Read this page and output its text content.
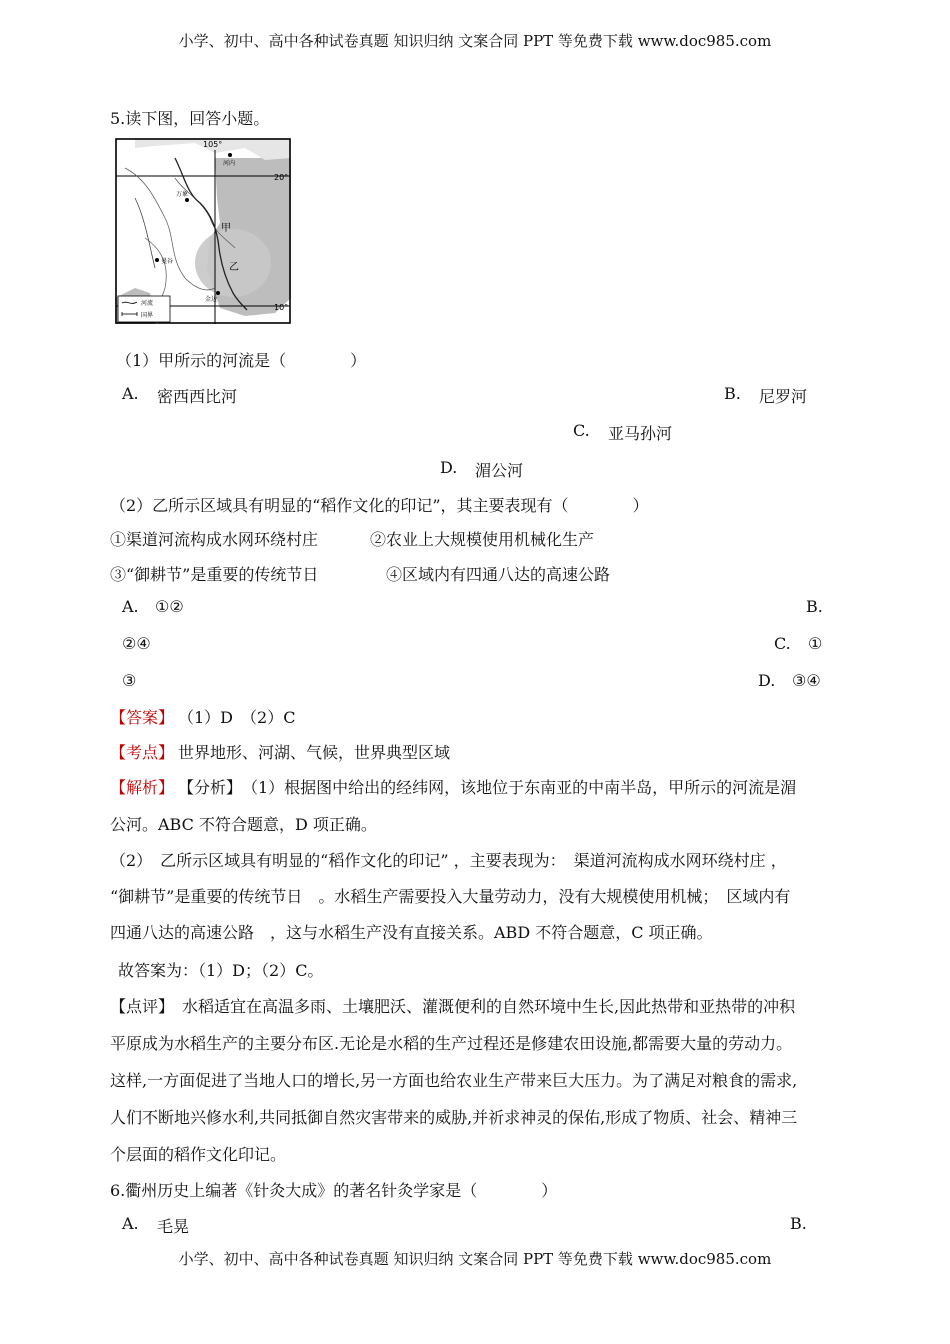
小学、初中、高中各种试卷真题 知识归纳 文案合同 PPT 等免费下载 www.doc985.com
5.读下图，回答小题。
105°
20°
10°
河内
万象
曼谷
金边
甲
乙
河流
国界
（1）甲所示的河流是（　　　　）
A. 密西西比河	B. 尼罗河
C. 亚马孙河
D. 湄公河
（2）乙所示区域具有明显的“稻作文化的印记”，其主要表现有（　　　　）
①渠道河流构成水网环绕村庄	②农业上大规模使用机械化生产
③“御耕节”是重要的传统节日	④区域内有四通八达的高速公路
A. ①②	B.
②④	C. ①
③	D. ③④
【答案】 （1）D　（2）C
【考点】 世界地形、河湖、气候，世界典型区域
【解析】 【分析】　（1）根据图中给出的经纬网，该地位于东南亚的中南半岛，甲所示的河流是湄
公河。ABC 不符合题意，D 项正确。
（2）　乙所示区域具有明显的“稻作文化的印记” ，主要表现为：　渠道河流构成水网环绕村庄 ，
“御耕节”是重要的传统节日　。水稻生产需要投入大量劳动力，没有大规模使用机械；　区域内有
四通八达的高速公路　，这与水稻生产没有直接关系。ABD 不符合题意，C 项正确。
故答案为：（1）D；（2）C。
【点评】　水稻适宜在高温多雨、土壤肥沃、灌溉便利的自然环境中生长,因此热带和亚热带的冲积
平原成为水稻生产的主要分布区.无论是水稻的生产过程还是修建农田设施,都需要大量的劳动力。
这样,一方面促进了当地人口的增长,另一方面也给农业生产带来巨大压力。为了满足对粮食的需求,
人们不断地兴修水利,共同抵御自然灾害带来的威胁,并祈求神灵的保佑,形成了物质、社会、精神三
个层面的稻作文化印记。
6.衢州历史上编著《针灸大成》的著名针灸学家是（　　　　）
A. 毛晃	B.
小学、初中、高中各种试卷真题 知识归纳 文案合同 PPT 等免费下载 www.doc985.com
